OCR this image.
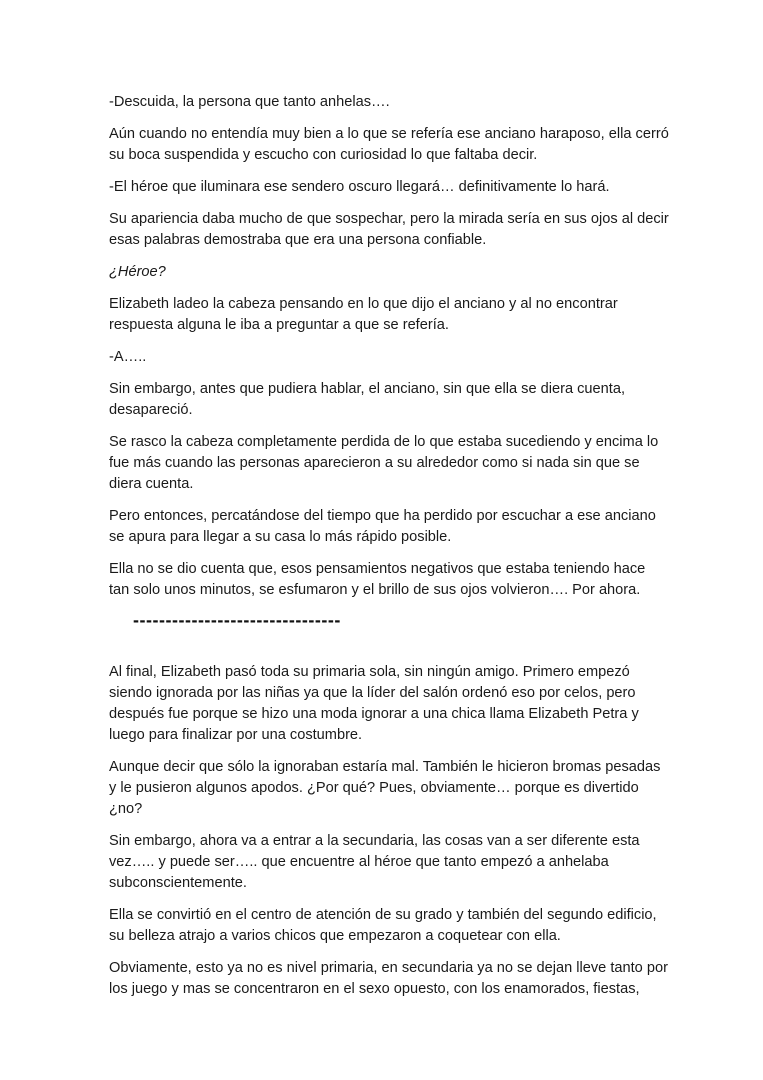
-Descuida, la persona que tanto anhelas….

Aún cuando no entendía muy bien a lo que se refería ese anciano haraposo, ella cerró su boca suspendida y escucho con curiosidad lo que faltaba decir.

-El héroe que iluminara ese sendero oscuro llegará… definitivamente lo hará.

Su apariencia daba mucho de que sospechar, pero la mirada sería en sus ojos al decir esas palabras demostraba que era una persona confiable.

¿Héroe?

Elizabeth ladeo la cabeza pensando en lo que dijo el anciano y al no encontrar respuesta alguna le iba a preguntar a que se refería.

-A…..

Sin embargo, antes que pudiera hablar, el anciano, sin que ella se diera cuenta, desapareció.

Se rasco la cabeza completamente perdida de lo que estaba sucediendo y encima lo fue más cuando las personas aparecieron a su alrededor como si nada sin que se diera cuenta.

Pero entonces, percatándose del tiempo que ha perdido por escuchar a ese anciano se apura para llegar a su casa lo más rápido posible.

Ella no se dio cuenta que, esos pensamientos negativos que estaba teniendo hace tan solo unos minutos, se esfumaron y el brillo de sus ojos volvieron…. Por ahora.

--------------------------------

Al final, Elizabeth pasó toda su primaria sola, sin ningún amigo. Primero empezó siendo ignorada por las niñas ya que la líder del salón ordenó eso por celos, pero después fue porque se hizo una moda ignorar a una chica llama Elizabeth Petra y luego para finalizar por una costumbre.

Aunque decir que sólo la ignoraban estaría mal. También le hicieron bromas pesadas y le pusieron algunos apodos. ¿Por qué? Pues, obviamente… porque es divertido ¿no?

Sin embargo, ahora va a entrar a la secundaria, las cosas van a ser diferente esta vez….. y puede ser….. que encuentre al héroe que tanto empezó a anhelaba subconscientemente.

Ella se convirtió en el centro de atención de su grado y también del segundo edificio, su belleza atrajo a varios chicos que empezaron a coquetear con ella.

Obviamente, esto ya no es nivel primaria, en secundaria ya no se dejan lleve tanto por los juego y mas se concentraron en el sexo opuesto, con los enamorados, fiestas,
